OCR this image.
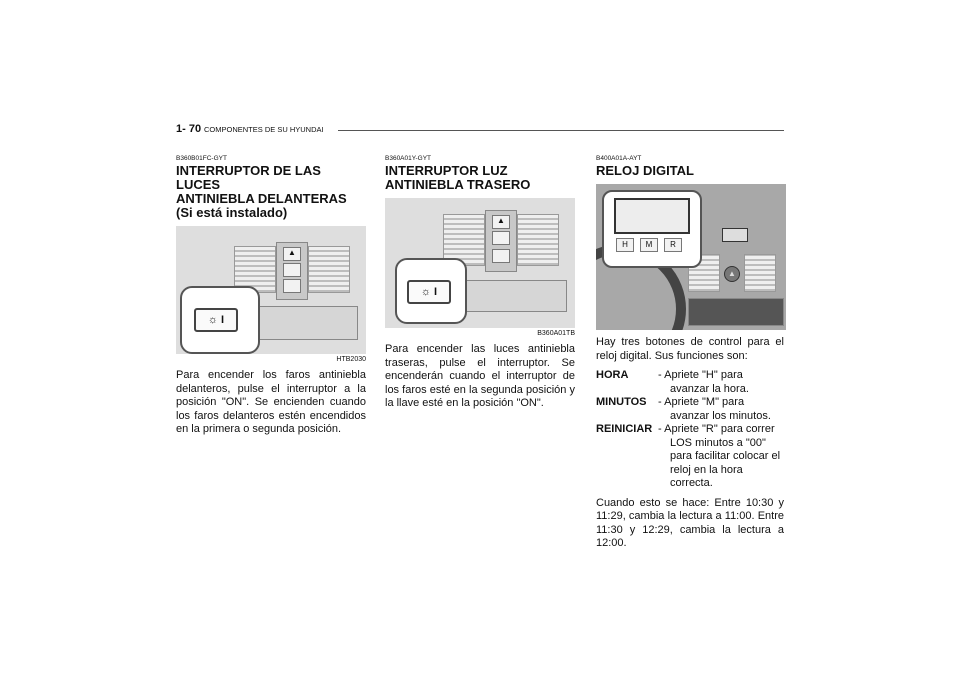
1- 70 COMPONENTES DE SU HYUNDAI
B360B01FC-GYT
INTERRUPTOR DE LAS LUCES
ANTINIEBLA DELANTERAS
(Si está instalado)
▲
☼ I
HTB2030

Para encender los faros antiniebla delanteros, pulse el interruptor a la posición "ON". Se encienden cuando los faros delanteros estén encendidos en la primera o segunda posición.

B360A01Y-GYT
INTERRUPTOR LUZ
ANTINIEBLA TRASERO
▲
☼ I
B360A01TB

Para encender las luces antiniebla traseras, pulse el interruptor. Se encenderán cuando el interruptor de los faros esté en la segunda posición y la llave esté en la posición "ON".

B400A01A-AYT
RELOJ DIGITAL
▲
H	M	R

Hay tres botones de control para el reloj digital. Sus funciones son:

HORA	- Apriete "H" para avanzar la hora.
MINUTOS	- Apriete "M" para avanzar los minutos.
REINICIAR - Apriete "R" para correr LOS minutos a "00" para facilitar colocar el reloj en la hora correcta.

Cuando esto se hace: Entre 10:30 y 11:29, cambia la lectura a 11:00. Entre 11:30 y 12:29, cambia la lectura a 12:00.
